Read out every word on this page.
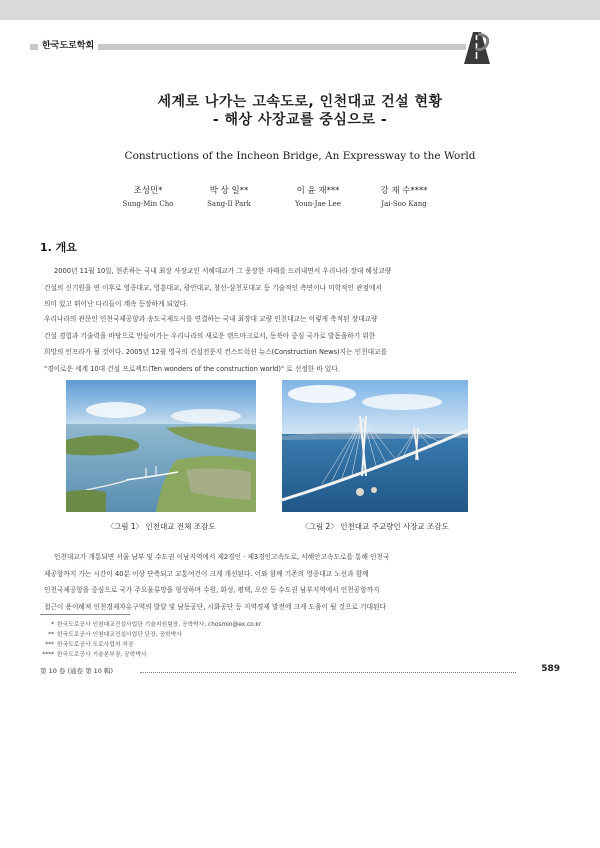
한국도로학회
세계로 나가는 고속도로, 인천대교 건설 현황
- 해상 사장교를 중심으로 -
Constructions of the Incheon Bridge, An Expressway to the World
조성민*
Sung-Min Cho
박 상 일**
Sang-Il Park
이 윤 재***
Youn-Jae Lee
강 재 수****
Jai-Soo Kang
1. 개요
2000년 11월 10일, 현존하는 국내 최장 사장교인 서해대교가 그 웅장한 자태를 드러내면서 우리나라 장대 해상교량
건설의 신기원을 연 이후로 영종대교, 영흥대교, 광안대교, 창선-삼천포대교 등 기술적인 측면이나 미학적인 관점에서
의미 있고 뛰어난 다리들이 계속 등장하게 되었다.
우리나라의 관문인 인천국제공항과 송도국제도시를 연결하는 국내 최장대 교량 인천대교는 이렇게 축적된 장대교량
건설 경험과 기술력을 바탕으로 만들어가는 우리나라의 새로운 랜드마크로서, 동북아 중심 국가로 발돋움하기 위한
희망의 인프라가 될 것이다. 2005년 12월 영국의 건설전문지 컨스트럭션 뉴스(Construction News)지는 인천대교를
"경이로운 세계 10대 건설 프로젝트(Ten wonders of the construction world)" 로 선정한 바 있다.
〈그림 1〉 인천대교 전체 조감도	〈그림 2〉 인천대교 주교량인 사장교 조감도
인천대교가 개통되면 서울 남부 및 수도권 이남지역에서 제2경인 · 제3경인고속도로, 서해안고속도로를 통해 인천국
제공항까지 가는 시간이 40분 이상 단축되고 교통여건이 크게 개선된다. 이와 함께 기존의 영종대교 노선과 함께
인천국제공항을 중심으로 국가 주요물류망을 형성하며 수원, 화성, 평택, 오산 등 수도권 남부지역에서 인천공항까지
접근이 용이해져 인천경제자유구역의 발달 및 남동공단, 시화공단 등 지역경제 발전에 크게 도움이 될 것으로 기대된다
* 한국도로공사 인천대교건설사업단 기술지원팀장, 공학박사, chosmin@ex.co.kr
** 한국도로공사 인천대교건설사업단 단장, 공학박사
*** 한국도로공사 도로사업처 처장
**** 한국도로공사 기술본부장, 공학박사
第 10 卷 (通卷 第 10 輯)	589
